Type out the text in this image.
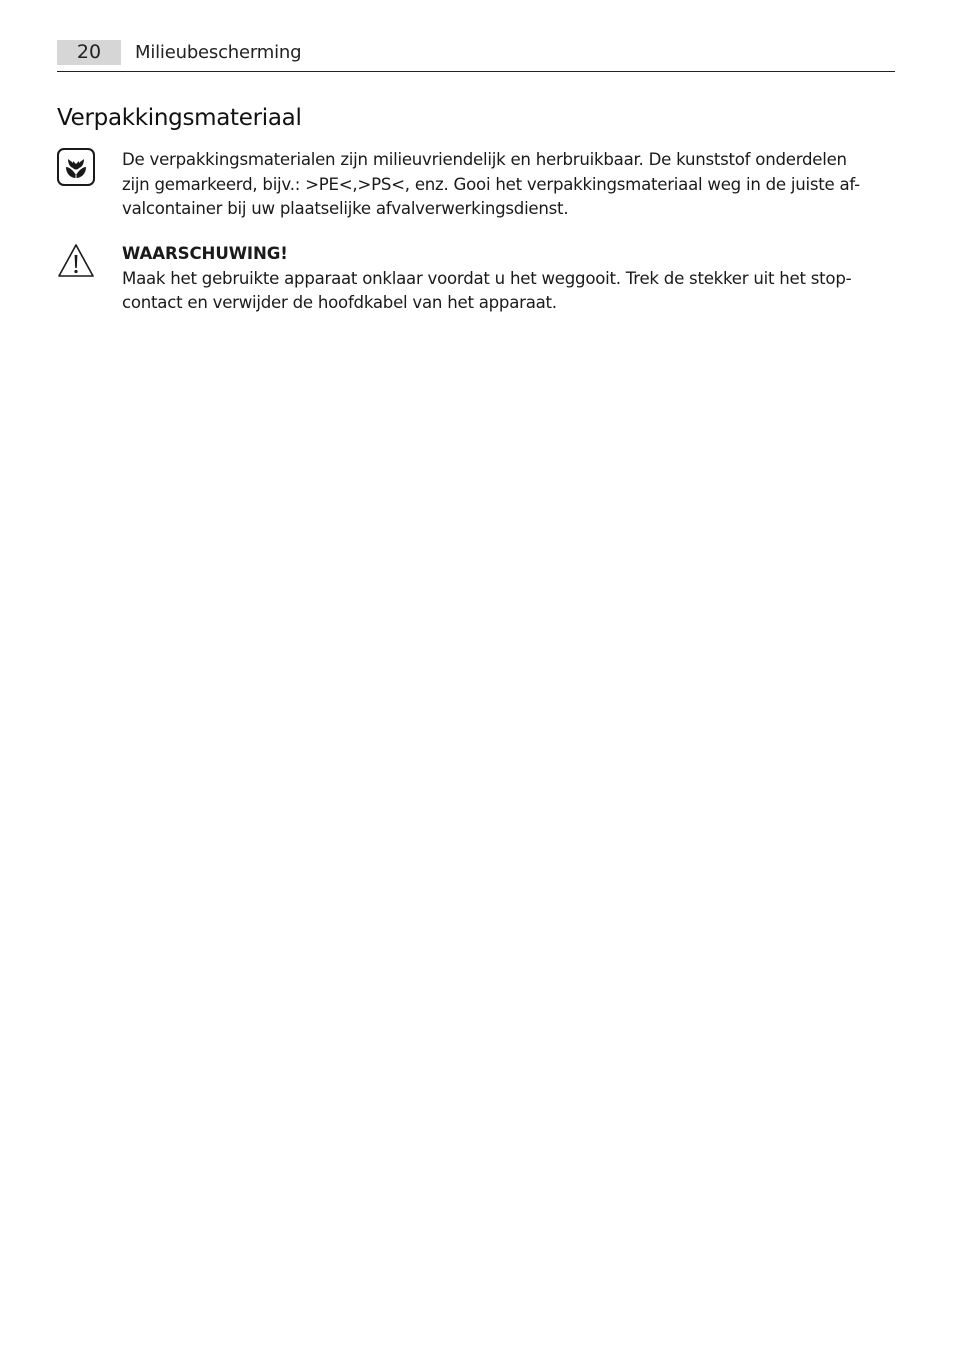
20	Milieubescherming
Verpakkingsmateriaal
De verpakkingsmaterialen zijn milieuvriendelijk en herbruikbaar. De kunststof onderdelen
zijn gemarkeerd, bijv.: >PE<,>PS<, enz. Gooi het verpakkingsmateriaal weg in de juiste af-
valcontainer bij uw plaatselijke afvalverwerkingsdienst.
WAARSCHUWING!
Maak het gebruikte apparaat onklaar voordat u het weggooit. Trek de stekker uit het stop-
contact en verwijder de hoofdkabel van het apparaat.
